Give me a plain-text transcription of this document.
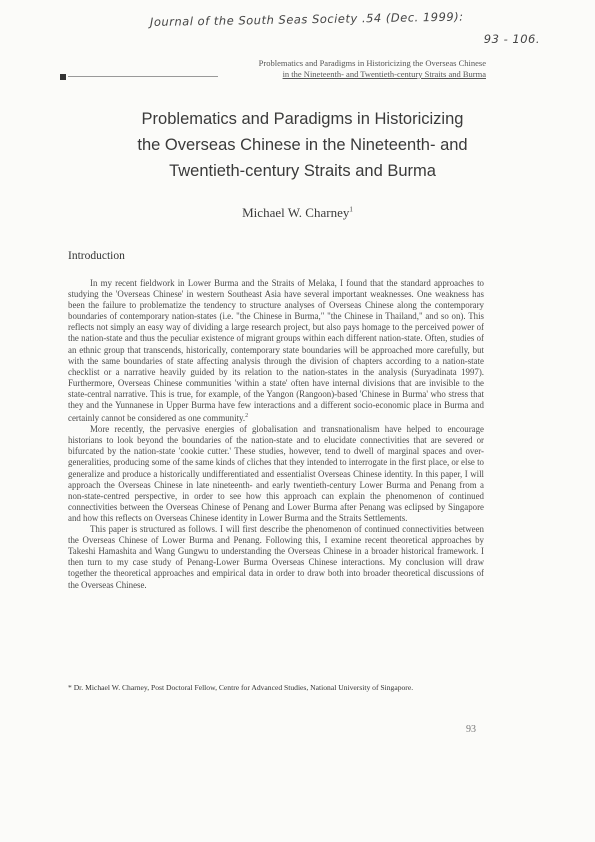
Journal of the South Seas Society .54 (Dec. 1999):
93 - 106.
Problematics and Paradigms in Historicizing the Overseas Chinese
in the Nineteenth- and Twentieth-century Straits and Burma
Problematics and Paradigms in Historicizing
the Overseas Chinese in the Nineteenth- and
Twentieth-century Straits and Burma
Michael W. Charney$^1$
Introduction

In my recent fieldwork in Lower Burma and the Straits of Melaka, I found that the standard approaches to studying the 'Overseas Chinese' in western Southeast Asia have several important weaknesses. One weakness has been the failure to problematize the tendency to structure analyses of Overseas Chinese along the contemporary boundaries of contemporary nation-states (i.e. "the Chinese in Burma," "the Chinese in Thailand," and so on). This reflects not simply an easy way of dividing a large research project, but also pays homage to the perceived power of the nation-state and thus the peculiar existence of migrant groups within each different nation-state. Often, studies of an ethnic group that transcends, historically, contemporary state boundaries will be approached more carefully, but with the same boundaries of state affecting analysis through the division of chapters according to a nation-state checklist or a narrative heavily guided by its relation to the nation-states in the analysis (Suryadinata 1997). Furthermore, Overseas Chinese communities 'within a state' often have internal divisions that are invisible to the state-central narrative. This is true, for example, of the Yangon (Rangoon)-based 'Chinese in Burma' who stress that they and the Yunnanese in Upper Burma have few interactions and a different socio-economic place in Burma and certainly cannot be considered as one community.$^2$

More recently, the pervasive energies of globalisation and transnationalism have helped to encourage historians to look beyond the boundaries of the nation-state and to elucidate connectivities that are severed or bifurcated by the nation-state 'cookie cutter.' These studies, however, tend to dwell of marginal spaces and over-generalities, producing some of the same kinds of cliches that they intended to interrogate in the first place, or else to generalize and produce a historically undifferentiated and essentialist Overseas Chinese identity. In this paper, I will approach the Overseas Chinese in late nineteenth- and early twentieth-century Lower Burma and Penang from a non-state-centred perspective, in order to see how this approach can explain the phenomenon of continued connectivities between the Overseas Chinese of Penang and Lower Burma after Penang was eclipsed by Singapore and how this reflects on Overseas Chinese identity in Lower Burma and the Straits Settlements.

This paper is structured as follows. I will first describe the phenomenon of continued connectivities between the Overseas Chinese of Lower Burma and Penang. Following this, I examine recent theoretical approaches by Takeshi Hamashita and Wang Gungwu to understanding the Overseas Chinese in a broader historical framework. I then turn to my case study of Penang-Lower Burma Overseas Chinese interactions. My conclusion will draw together the theoretical approaches and empirical data in order to draw both into broader theoretical discussions of the Overseas Chinese.

* Dr. Michael W. Charney, Post Doctoral Fellow, Centre for Advanced Studies, National University of Singapore.
93
